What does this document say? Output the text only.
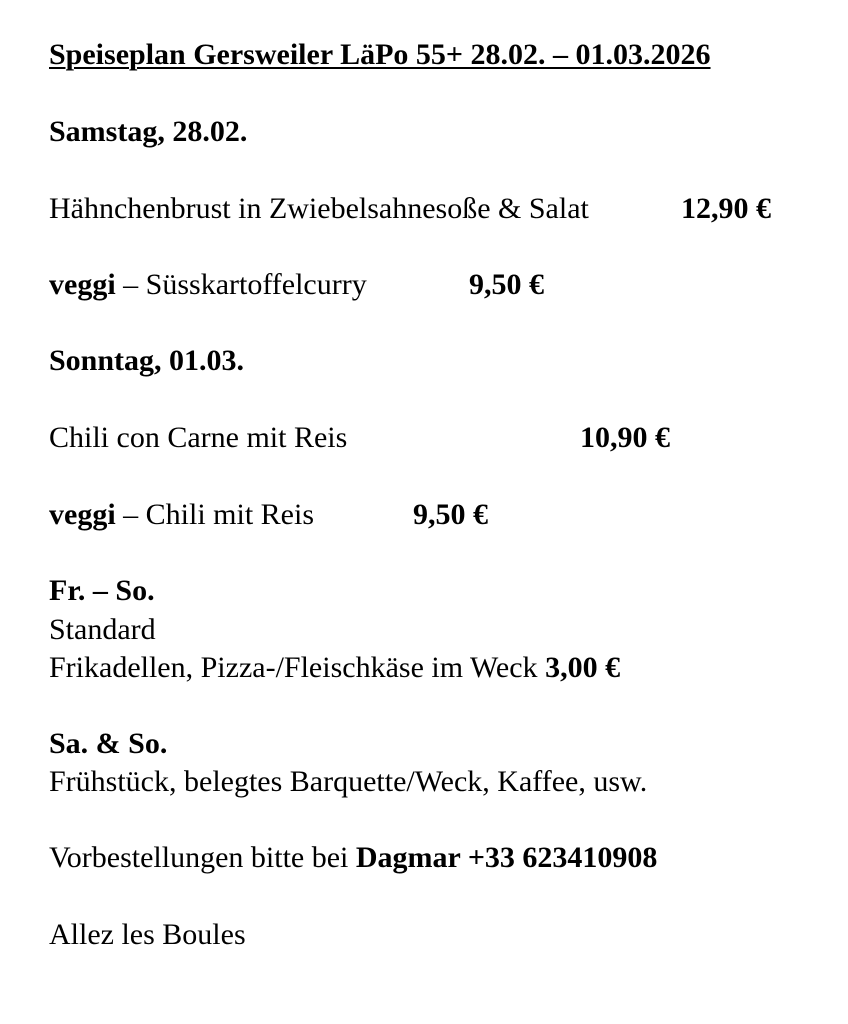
Speiseplan Gersweiler LäPo 55+ 28.02. – 01.03.2026
Samstag, 28.02.
Hähnchenbrust in Zwiebelsahnesoße & Salat	12,90 €
veggi – Süsskartoffelcurry	9,50 €
Sonntag, 01.03.
Chili con Carne mit Reis	10,90 €
veggi – Chili mit Reis	9,50 €
Fr. – So.
Standard
Frikadellen, Pizza-/Fleischkäse im Weck 3,00 €
Sa. & So.
Frühstück, belegtes Barquette/Weck, Kaffee, usw.
Vorbestellungen bitte bei Dagmar +33 623410908
Allez les Boules
